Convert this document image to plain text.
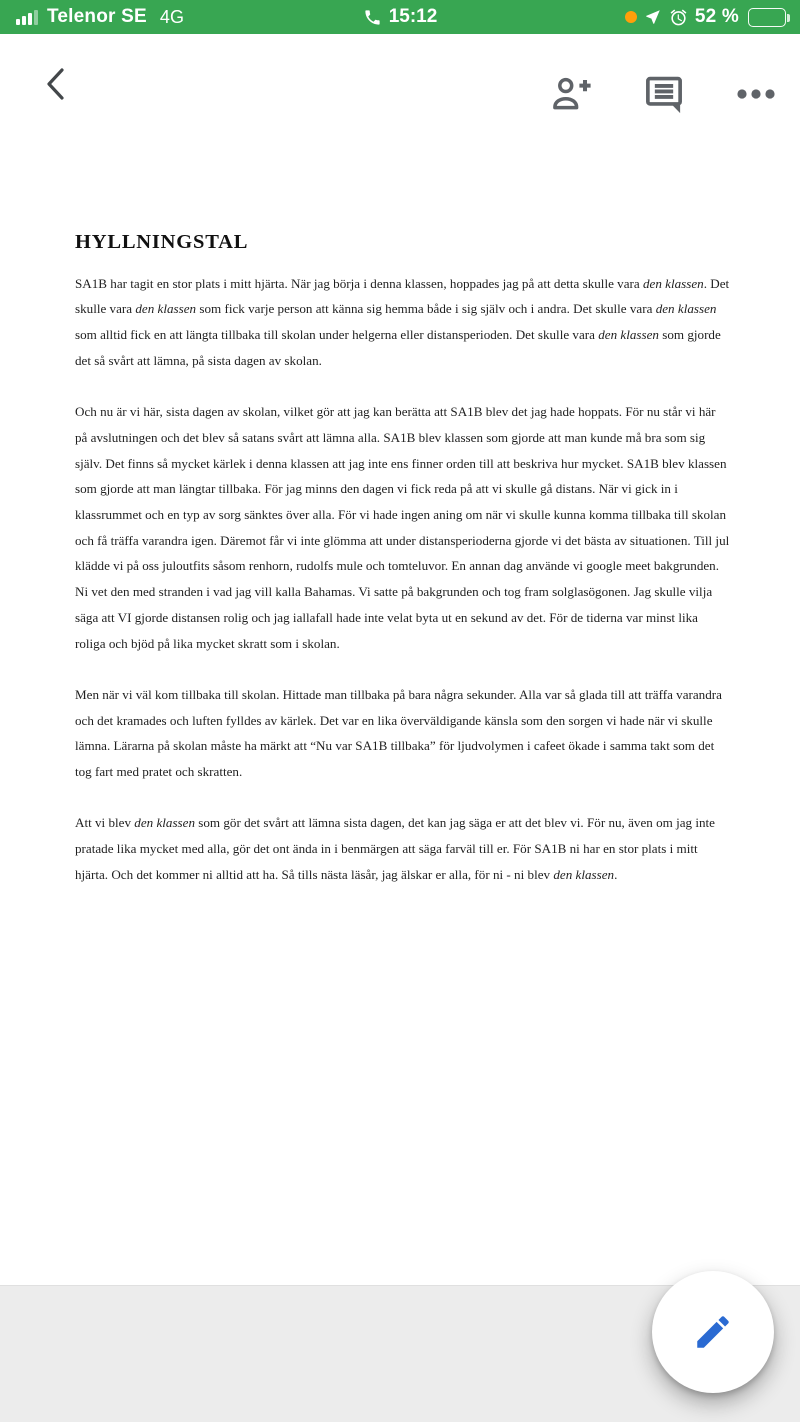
Telenor SE 4G	15:12	52 %
HYLLNINGSTAL

SA1B har tagit en stor plats i mitt hjärta. När jag börja i denna klassen, hoppades jag på att detta skulle vara den klassen. Det skulle vara den klassen som fick varje person att känna sig hemma både i sig själv och i andra. Det skulle vara den klassen som alltid fick en att längta tillbaka till skolan under helgerna eller distansperioden. Det skulle vara den klassen som gjorde det så svårt att lämna, på sista dagen av skolan.

Och nu är vi här, sista dagen av skolan, vilket gör att jag kan berätta att SA1B blev det jag hade hoppats. För nu står vi här på avslutningen och det blev så satans svårt att lämna alla. SA1B blev klassen som gjorde att man kunde må bra som sig själv. Det finns så mycket kärlek i denna klassen att jag inte ens finner orden till att beskriva hur mycket. SA1B blev klassen som gjorde att man längtar tillbaka. För jag minns den dagen vi fick reda på att vi skulle gå distans. När vi gick in i klassrummet och en typ av sorg sänktes över alla. För vi hade ingen aning om när vi skulle kunna komma tillbaka till skolan och få träffa varandra igen. Däremot får vi inte glömma att under distansperioderna gjorde vi det bästa av situationen. Till jul klädde vi på oss juloutfits såsom renhorn, rudolfs mule och tomteluvor. En annan dag använde vi google meet bakgrunden. Ni vet den med stranden i vad jag vill kalla Bahamas. Vi satte på bakgrunden och tog fram solglasögonen. Jag skulle vilja säga att VI gjorde distansen rolig och jag iallafall hade inte velat byta ut en sekund av det. För de tiderna var minst lika roliga och bjöd på lika mycket skratt som i skolan.

Men när vi väl kom tillbaka till skolan. Hittade man tillbaka på bara några sekunder. Alla var så glada till att träffa varandra och det kramades och luften fylldes av kärlek. Det var en lika överväldigande känsla som den sorgen vi hade när vi skulle lämna. Lärarna på skolan måste ha märkt att “Nu var SA1B tillbaka” för ljudvolymen i cafeet ökade i samma takt som det tog fart med pratet och skratten.

Att vi blev den klassen som gör det svårt att lämna sista dagen, det kan jag säga er att det blev vi. För nu, även om jag inte pratade lika mycket med alla, gör det ont ända in i benmärgen att säga farväl till er. För SA1B ni har en stor plats i mitt hjärta. Och det kommer ni alltid att ha. Så tills nästa läsår, jag älskar er alla, för ni - ni blev den klassen.
